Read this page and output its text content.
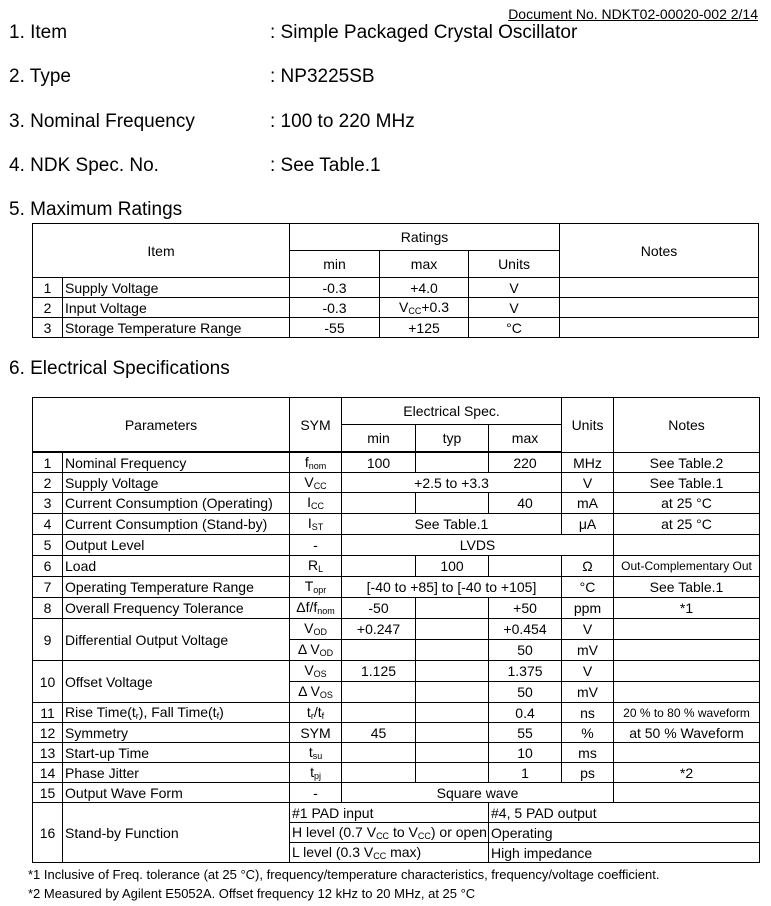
Document No. NDKT02-00020-002 2/14
1. Item	: Simple Packaged Crystal Oscillator
2. Type	: NP3225SB
3. Nominal Frequency	: 100 to 220 MHz
4. NDK Spec. No.	: See Table.1
5. Maximum Ratings
Item		Ratings			Notes
		min	max	Units	
1	Supply Voltage	-0.3	+4.0	V	
2	Input Voltage	-0.3	$V_{CC}+0.3$	V	
3	Storage Temperature Range	-55	+125	°C	
6. Electrical Specifications
Parameters		SYM	Electrical Spec.			Units	Notes
			min	typ	max		

1	Nominal Frequency	$f_{nom}$	100		220	MHz	See Table.2
2	Supply Voltage	$V_{CC}$	+2.5 to +3.3			V	See Table.1
3	Current Consumption (Operating)	$I_{CC}$			40	mA	at 25 °C
4	Current Consumption (Stand-by)	$I_{ST}$	See Table.1			μA	at 25 °C
5	Output Level	-	LVDS				
6	Load	$R_L$		100		Ω	Out-Complementary Out
7	Operating Temperature Range	$T_{opr}$	[-40 to +85] to [-40 to +105]			°C	See Table.1
8	Overall Frequency Tolerance	$\Delta f/f_{nom}$	-50		+50	ppm	*1
9	Differential Output Voltage	$V_{OD}$	+0.247		+0.454	V	
		Δ $V_{OD}$			50	mV	
10	Offset Voltage	$V_{OS}$	1.125		1.375	V	
		Δ $V_{OS}$			50	mV	
11	Rise $Time(t_r)$, Fall $Time(t_f)$	$t_r/t_f$			0.4	ns	20 % to 80 % waveform
12	Symmetry	SYM	45		55	%	at 50 % Waveform
13	Start-up Time	$t_{su}$			10	ms	
14	Phase Jitter	$t_{pj}$			1	ps	*2
15	Output Wave Form	-	Square wave				
16	Stand-by Function	#1 PAD input			#4, 5 PAD output		
		H level (0.7 $V_{CC}$ to $V_{CC}$) or open			Operating		
		L level (0.3 $V_{CC}$ max)			High impedance		
*1 Inclusive of Freq. tolerance (at 25 °C), frequency/temperature characteristics, frequency/voltage coefficient.
*2 Measured by Agilent E5052A. Offset frequency 12 kHz to 20 MHz, at 25 °C
